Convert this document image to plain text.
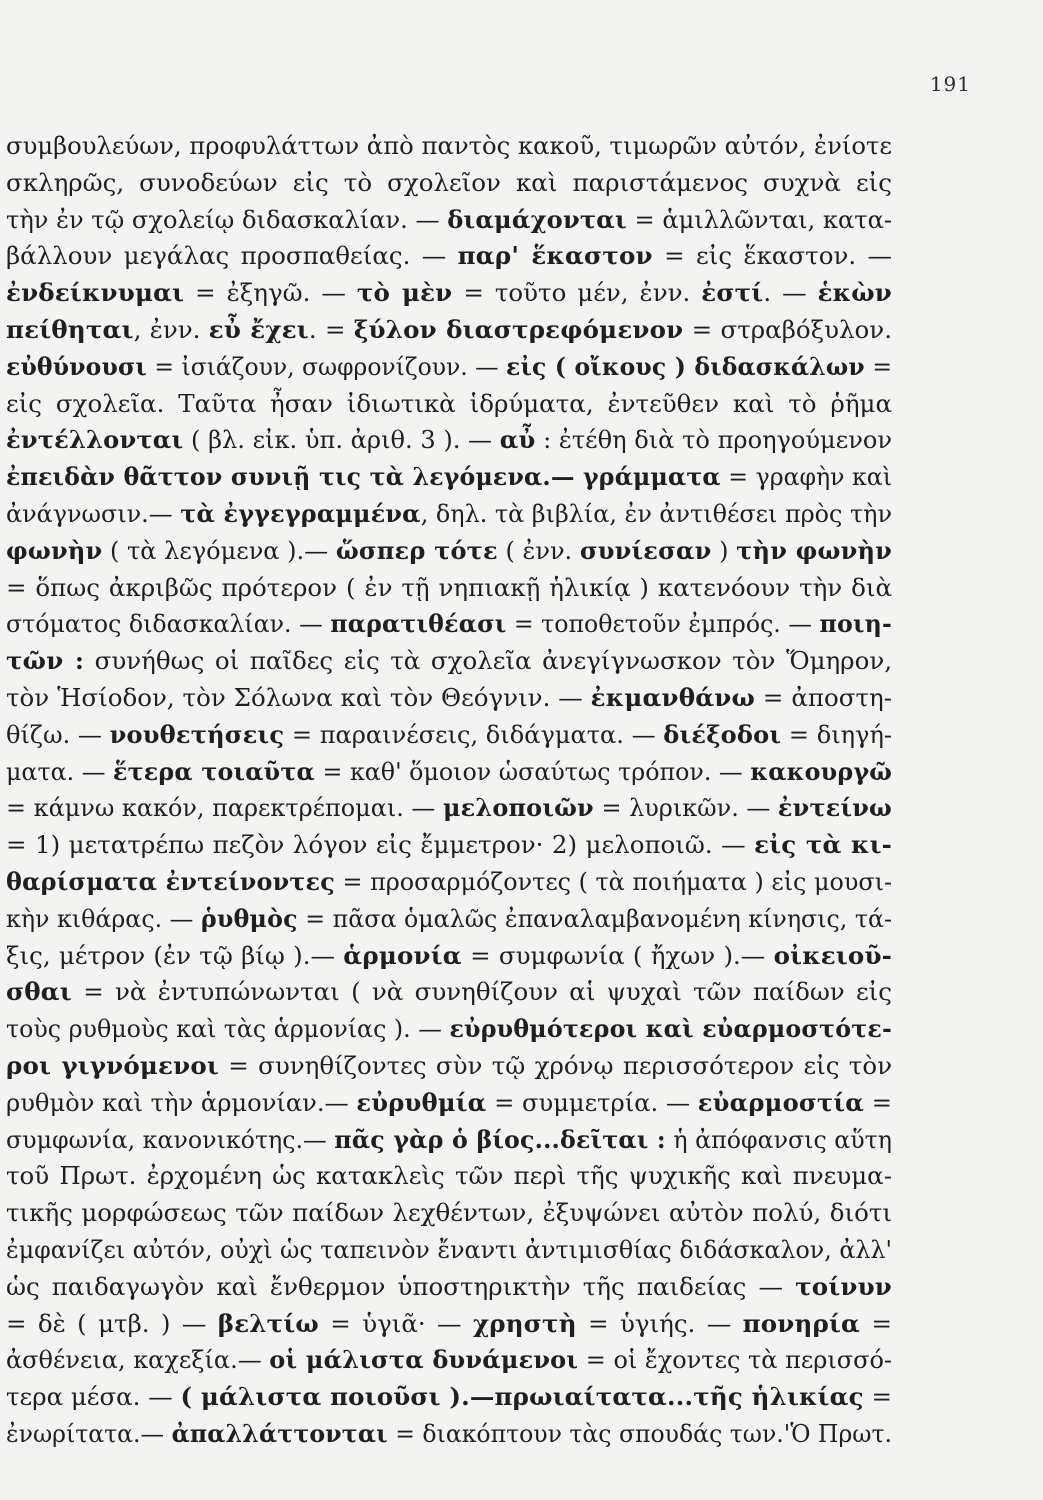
191
συμβουλεύων, προφυλάττων ἀπὸ παντὸς κακοῦ, τιμωρῶν αὐτόν, ἐνίοτε
σκληρῶς, συνοδεύων εἰς τὸ σχολεῖον καὶ παριστάμενος συχνὰ εἰς
τὴν ἐν τῷ σχολείῳ διδασκαλίαν. — διαμάχονται = ἁμιλλῶνται, κατα-
βάλλουν μεγάλας προσπαθείας. — παρ' ἕκαστον = εἰς ἕκαστον. —
ἐνδείκνυμαι = ἐξηγῶ. — τὸ μὲν = τοῦτο μέν, ἐνν. ἐστί. — ἑκὼν
πείθηται, ἐνν. εὖ ἔχει. = ξύλον διαστρεφόμενον = στραβόξυλον.
εὐθύνουσι = ἰσιάζουν, σωφρονίζουν. — εἰς ( οἴκους ) διδασκάλων =
εἰς σχολεῖα. Ταῦτα ἦσαν ἰδιωτικὰ ἱδρύματα, ἐντεῦθεν καὶ τὸ ῥῆμα
ἐντέλλονται ( βλ. εἰκ. ὑπ. ἀριθ. 3 ). — αὖ : ἐτέθη διὰ τὸ προηγούμενον
ἐπειδὰν θᾶττον συνιῇ τις τὰ λεγόμενα.— γράμματα = γραφὴν καὶ
ἀνάγνωσιν.— τὰ ἐγγεγραμμένα, δηλ. τὰ βιβλία, ἐν ἀντιθέσει πρὸς τὴν
φωνὴν ( τὰ λεγόμενα ).— ὥσπερ τότε ( ἐνν. συνίεσαν ) τὴν φωνὴν
= ὅπως ἀκριβῶς πρότερον ( ἐν τῇ νηπιακῇ ἡλικίᾳ ) κατενόουν τὴν διὰ
στόματος διδασκαλίαν. — παρατιθέασι = τοποθετοῦν ἐμπρός. — ποιη-
τῶν : συνήθως οἱ παῖδες εἰς τὰ σχολεῖα ἀνεγίγνωσκον τὸν Ὅμηρον,
τὸν Ἡσίοδον, τὸν Σόλωνα καὶ τὸν Θεόγνιν. — ἐκμανθάνω = ἀποστη-
θίζω. — νουθετήσεις = παραινέσεις, διδάγματα. — διέξοδοι = διηγή-
ματα. — ἕτερα τοιαῦτα = καθ' ὅμοιον ὡσαύτως τρόπον. — κακουργῶ
= κάμνω κακόν, παρεκτρέπομαι. — μελοποιῶν = λυρικῶν. — ἐντείνω
= 1) μετατρέπω πεζὸν λόγον εἰς ἔμμετρον· 2) μελοποιῶ. — εἰς τὰ κι-
θαρίσματα ἐντείνοντες = προσαρμόζοντες ( τὰ ποιήματα ) εἰς μουσι-
κὴν κιθάρας. — ῥυθμὸς = πᾶσα ὁμαλῶς ἐπαναλαμβανομένη κίνησις, τά-
ξις, μέτρον (ἐν τῷ βίῳ ).— ἁρμονία = συμφωνία ( ἤχων ).— οἰκειοῦ-
σθαι = νὰ ἐντυπώνωνται ( νὰ συνηθίζουν αἱ ψυχαὶ τῶν παίδων εἰς
τοὺς ρυθμοὺς καὶ τὰς ἁρμονίας ). — εὐρυθμότεροι καὶ εὐαρμοστότε-
ροι γιγνόμενοι = συνηθίζοντες σὺν τῷ χρόνῳ περισσότερον εἰς τὸν
ρυθμὸν καὶ τὴν ἁρμονίαν.— εὐρυθμία = συμμετρία. — εὐαρμοστία =
συμφωνία, κανονικότης.— πᾶς γὰρ ὁ βίος...δεῖται : ἡ ἀπόφανσις αὕτη
τοῦ Πρωτ. ἐρχομένη ὡς κατακλεὶς τῶν περὶ τῆς ψυχικῆς καὶ πνευμα-
τικῆς μορφώσεως τῶν παίδων λεχθέντων, ἐξυψώνει αὐτὸν πολύ, διότι
ἐμφανίζει αὐτόν, οὐχὶ ὡς ταπεινὸν ἔναντι ἀντιμισθίας διδάσκαλον, ἀλλ'
ὡς παιδαγωγὸν καὶ ἔνθερμον ὑποστηρικτὴν τῆς παιδείας — τοίνυν
= δὲ ( μτβ. ) — βελτίω = ὑγιᾶ· — χρηστὴ = ὑγιής. — πονηρία =
ἀσθένεια, καχεξία.— οἱ μάλιστα δυνάμενοι = οἱ ἔχοντες τὰ περισσό-
τερα μέσα. — ( μάλιστα ποιοῦσι ).—πρωιαίτατα...τῆς ἡλικίας =
ἐνωρίτατα.— ἀπαλλάττονται = διακόπτουν τὰς σπουδάς των.'Ὁ Πρωτ.
